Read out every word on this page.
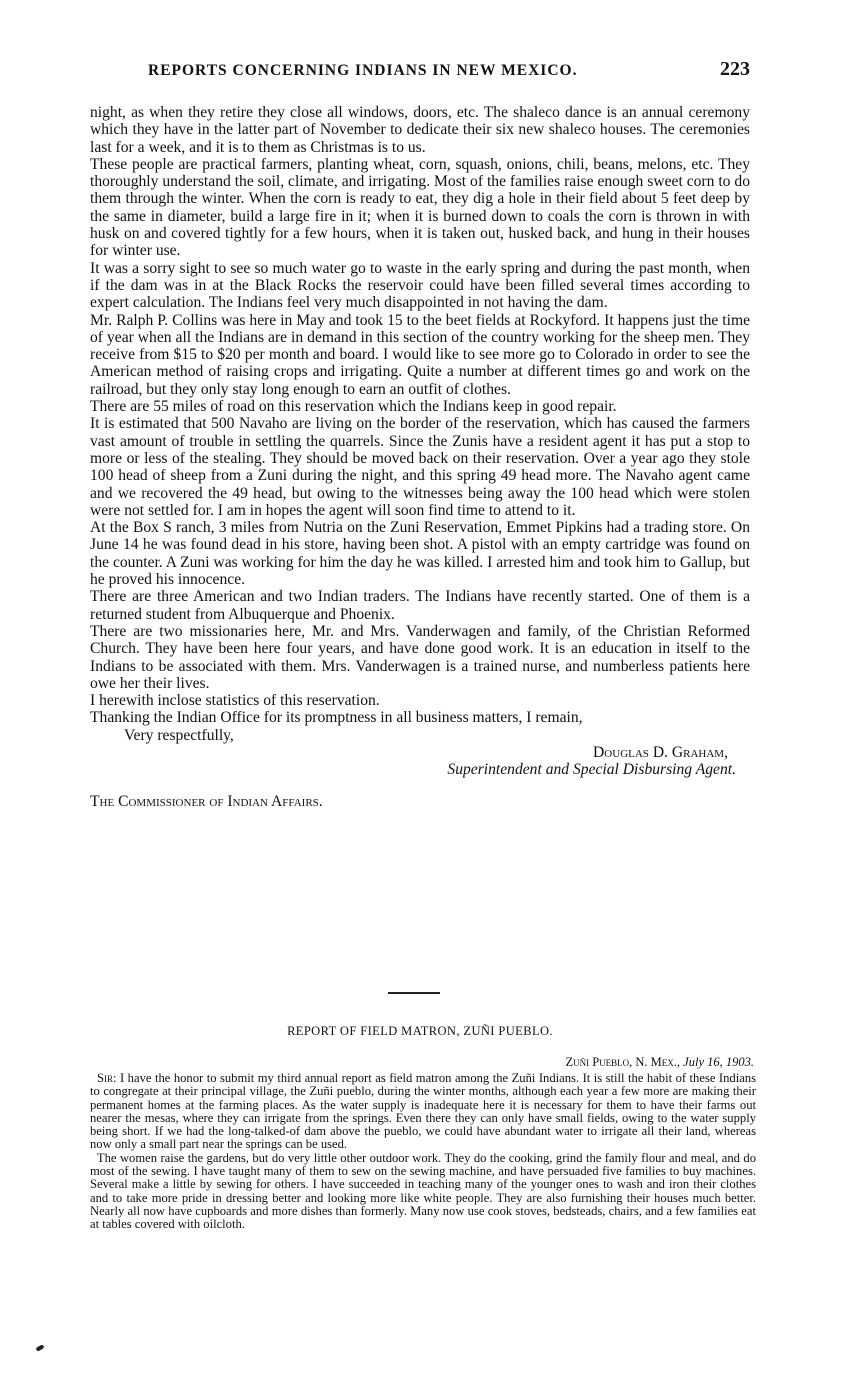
REPORTS CONCERNING INDIANS IN NEW MEXICO.	223

night, as when they retire they close all windows, doors, etc. The shaleco dance is an annual ceremony which they have in the latter part of November to dedicate their six new shaleco houses. The ceremonies last for a week, and it is to them as Christmas is to us.

These people are practical farmers, planting wheat, corn, squash, onions, chili, beans, melons, etc. They thoroughly understand the soil, climate, and irrigating. Most of the families raise enough sweet corn to do them through the winter. When the corn is ready to eat, they dig a hole in their field about 5 feet deep by the same in diameter, build a large fire in it; when it is burned down to coals the corn is thrown in with husk on and covered tightly for a few hours, when it is taken out, husked back, and hung in their houses for winter use.

It was a sorry sight to see so much water go to waste in the early spring and during the past month, when if the dam was in at the Black Rocks the reservoir could have been filled several times according to expert calculation. The Indians feel very much disappointed in not having the dam.

Mr. Ralph P. Collins was here in May and took 15 to the beet fields at Rockyford. It happens just the time of year when all the Indians are in demand in this section of the country working for the sheep men. They receive from $15 to $20 per month and board. I would like to see more go to Colorado in order to see the American method of raising crops and irrigating. Quite a number at different times go and work on the railroad, but they only stay long enough to earn an outfit of clothes.

There are 55 miles of road on this reservation which the Indians keep in good repair.

It is estimated that 500 Navaho are living on the border of the reservation, which has caused the farmers vast amount of trouble in settling the quarrels. Since the Zunis have a resident agent it has put a stop to more or less of the stealing. They should be moved back on their reservation. Over a year ago they stole 100 head of sheep from a Zuni during the night, and this spring 49 head more. The Navaho agent came and we recovered the 49 head, but owing to the witnesses being away the 100 head which were stolen were not settled for. I am in hopes the agent will soon find time to attend to it.

At the Box S ranch, 3 miles from Nutria on the Zuni Reservation, Emmet Pipkins had a trading store. On June 14 he was found dead in his store, having been shot. A pistol with an empty cartridge was found on the counter. A Zuni was working for him the day he was killed. I arrested him and took him to Gallup, but he proved his innocence.

There are three American and two Indian traders. The Indians have recently started. One of them is a returned student from Albuquerque and Phoenix.

There are two missionaries here, Mr. and Mrs. Vanderwagen and family, of the Christian Reformed Church. They have been here four years, and have done good work. It is an education in itself to the Indians to be associated with them. Mrs. Vanderwagen is a trained nurse, and numberless patients here owe her their lives.

I herewith inclose statistics of this reservation.

Thanking the Indian Office for its promptness in all business matters, I remain,

Very respectfully,

Douglas D. Graham,

Superintendent and Special Disbursing Agent.

The Commissioner of Indian Affairs.

REPORT OF FIELD MATRON, ZUÑI PUEBLO.
Zuñi Pueblo, N. Mex., July 16, 1903.

Sir: I have the honor to submit my third annual report as field matron among the Zuñi Indians. It is still the habit of these Indians to congregate at their principal village, the Zuñi pueblo, during the winter months, although each year a few more are making their permanent homes at the farming places. As the water supply is inadequate here it is necessary for them to have their farms out nearer the mesas, where they can irrigate from the springs. Even there they can only have small fields, owing to the water supply being short. If we had the long-talked-of dam above the pueblo, we could have abundant water to irrigate all their land, whereas now only a small part near the springs can be used.

The women raise the gardens, but do very little other outdoor work. They do the cooking, grind the family flour and meal, and do most of the sewing. I have taught many of them to sew on the sewing machine, and have persuaded five families to buy machines. Several make a little by sewing for others. I have succeeded in teaching many of the younger ones to wash and iron their clothes and to take more pride in dressing better and looking more like white people. They are also furnishing their houses much better. Nearly all now have cupboards and more dishes than formerly. Many now use cook stoves, bedsteads, chairs, and a few families eat at tables covered with oilcloth.
